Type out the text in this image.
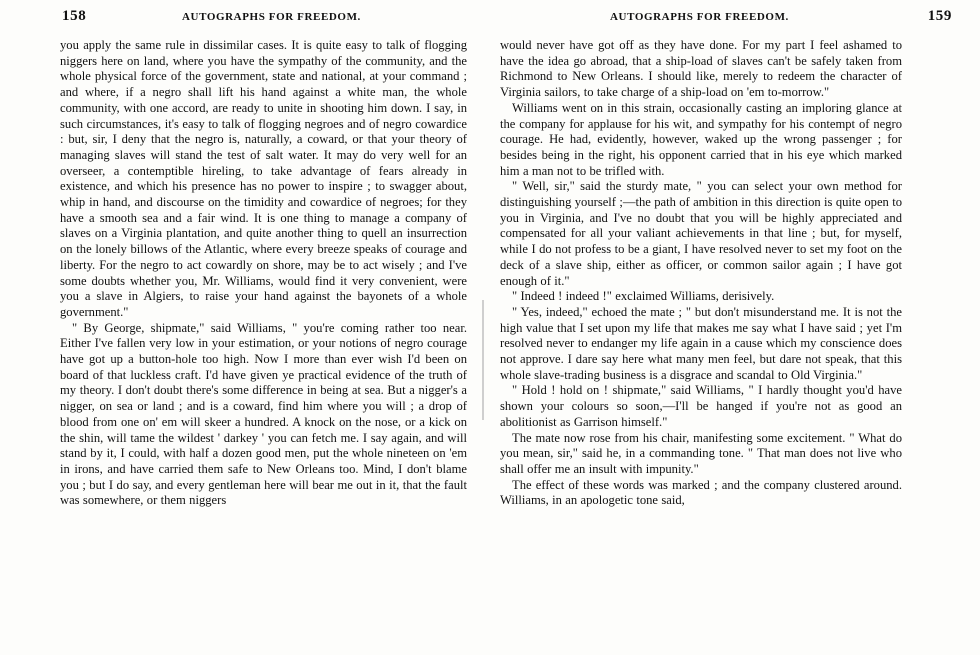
158	AUTOGRAPHS FOR FREEDOM.

you apply the same rule in dissimilar cases. It is quite easy to talk of flogging niggers here on land, where you have the sympathy of the community, and the whole physical force of the government, state and national, at your command ; and where, if a negro shall lift his hand against a white man, the whole community, with one accord, are ready to unite in shooting him down. I say, in such circumstances, it's easy to talk of flogging negroes and of negro cowardice : but, sir, I deny that the negro is, naturally, a coward, or that your theory of managing slaves will stand the test of salt water. It may do very well for an overseer, a contemptible hireling, to take advantage of fears already in existence, and which his presence has no power to inspire ; to swagger about, whip in hand, and discourse on the timidity and cowardice of negroes; for they have a smooth sea and a fair wind. It is one thing to manage a company of slaves on a Virginia plantation, and quite another thing to quell an insurrection on the lonely billows of the Atlantic, where every breeze speaks of courage and liberty. For the negro to act cowardly on shore, may be to act wisely ; and I've some doubts whether you, Mr. Williams, would find it very convenient, were you a slave in Algiers, to raise your hand against the bayonets of a whole government."

" By George, shipmate," said Williams, " you're coming rather too near. Either I've fallen very low in your estimation, or your notions of negro courage have got up a button-hole too high. Now I more than ever wish I'd been on board of that luckless craft. I'd have given ye practical evidence of the truth of my theory. I don't doubt there's some difference in being at sea. But a nigger's a nigger, on sea or land ; and is a coward, find him where you will ; a drop of blood from one on' em will skeer a hundred. A knock on the nose, or a kick on the shin, will tame the wildest ' darkey ' you can fetch me. I say again, and will stand by it, I could, with half a dozen good men, put the whole nineteen on 'em in irons, and have carried them safe to New Orleans too. Mind, I don't blame you ; but I do say, and every gentleman here will bear me out in it, that the fault was somewhere, or them niggers

AUTOGRAPHS FOR FREEDOM.	159

would never have got off as they have done. For my part I feel ashamed to have the idea go abroad, that a ship-load of slaves can't be safely taken from Richmond to New Orleans. I should like, merely to redeem the character of Virginia sailors, to take charge of a ship-load on 'em to-morrow."

Williams went on in this strain, occasionally casting an imploring glance at the company for applause for his wit, and sympathy for his contempt of negro courage. He had, evidently, however, waked up the wrong passenger ; for besides being in the right, his opponent carried that in his eye which marked him a man not to be trifled with.

" Well, sir," said the sturdy mate, " you can select your own method for distinguishing yourself ;—the path of ambition in this direction is quite open to you in Virginia, and I've no doubt that you will be highly appreciated and compensated for all your valiant achievements in that line ; but, for myself, while I do not profess to be a giant, I have resolved never to set my foot on the deck of a slave ship, either as officer, or common sailor again ; I have got enough of it."

" Indeed ! indeed !" exclaimed Williams, derisively.

" Yes, indeed," echoed the mate ; " but don't misunderstand me. It is not the high value that I set upon my life that makes me say what I have said ; yet I'm resolved never to endanger my life again in a cause which my conscience does not approve. I dare say here what many men feel, but dare not speak, that this whole slave-trading business is a disgrace and scandal to Old Virginia."

" Hold ! hold on ! shipmate," said Williams, " I hardly thought you'd have shown your colours so soon,—I'll be hanged if you're not as good an abolitionist as Garrison himself."

The mate now rose from his chair, manifesting some excitement. " What do you mean, sir," said he, in a commanding tone. " That man does not live who shall offer me an insult with impunity."

The effect of these words was marked ; and the company clustered around. Williams, in an apologetic tone said,
